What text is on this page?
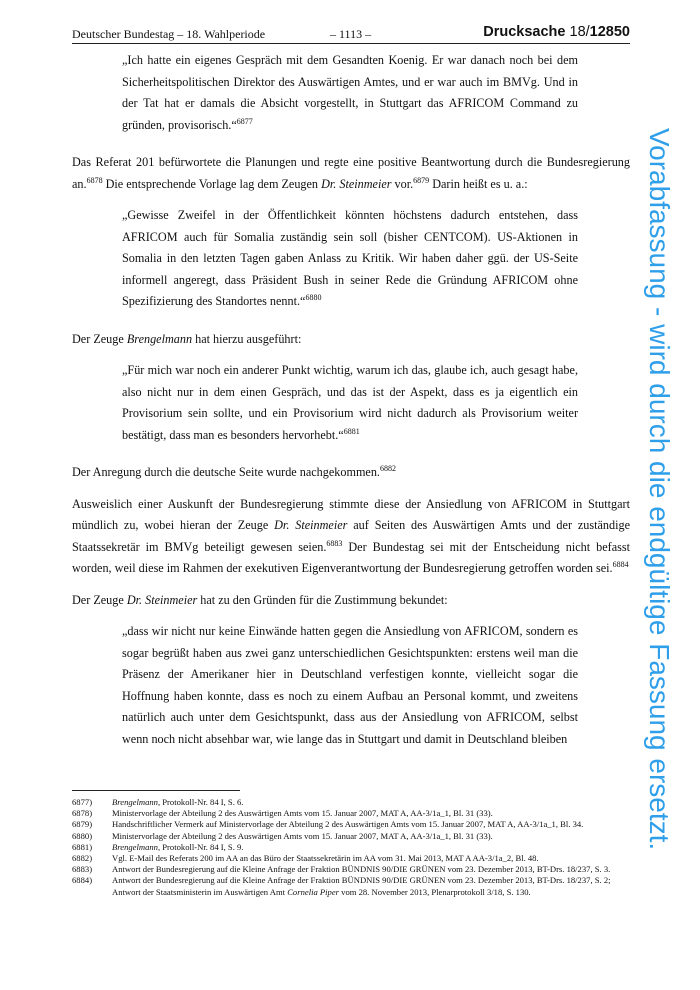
Deutscher Bundestag – 18. Wahlperiode	– 1113 –	Drucksache 18/12850

„Ich hatte ein eigenes Gespräch mit dem Gesandten Koenig. Er war danach noch bei dem Sicherheitspolitischen Direktor des Auswärtigen Amtes, und er war auch im BMVg. Und in der Tat hat er damals die Absicht vorgestellt, in Stuttgart das AFRICOM Command zu gründen, provisorisch.“$^{6877}$

Das Referat 201 befürwortete die Planungen und regte eine positive Beantwortung durch die Bundesregierung an.$^{6878}$ Die entsprechende Vorlage lag dem Zeugen Dr. Steinmeier vor.$^{6879}$ Darin heißt es u. a.:

„Gewisse Zweifel in der Öffentlichkeit könnten höchstens dadurch entstehen, dass AFRICOM auch für Somalia zuständig sein soll (bisher CENTCOM). US-Aktionen in Somalia in den letzten Tagen gaben Anlass zu Kritik. Wir haben daher ggü. der US-Seite informell angeregt, dass Präsident Bush in seiner Rede die Gründung AFRICOM ohne Spezifizierung des Standortes nennt.“$^{6880}$

Der Zeuge Brengelmann hat hierzu ausgeführt:

„Für mich war noch ein anderer Punkt wichtig, warum ich das, glaube ich, auch gesagt habe, also nicht nur in dem einen Gespräch, und das ist der Aspekt, dass es ja eigentlich ein Provisorium sein sollte, und ein Provisorium wird nicht dadurch als Provisorium weiter bestätigt, dass man es besonders hervorhebt.“$^{6881}$

Der Anregung durch die deutsche Seite wurde nachgekommen.$^{6882}$

Ausweislich einer Auskunft der Bundesregierung stimmte diese der Ansiedlung von AFRICOM in Stuttgart mündlich zu, wobei hieran der Zeuge Dr. Steinmeier auf Seiten des Auswärtigen Amts und der zuständige Staatssekretär im BMVg beteiligt gewesen seien.$^{6883}$ Der Bundestag sei mit der Entscheidung nicht befasst worden, weil diese im Rahmen der exekutiven Eigenverantwortung der Bundesregierung getroffen worden sei.$^{6884}$

Der Zeuge Dr. Steinmeier hat zu den Gründen für die Zustimmung bekundet:

„dass wir nicht nur keine Einwände hatten gegen die Ansiedlung von AFRICOM, sondern es sogar begrüßt haben aus zwei ganz unterschiedlichen Gesichtspunkten: erstens weil man die Präsenz der Amerikaner hier in Deutschland verfestigen konnte, vielleicht sogar die Hoffnung haben konnte, dass es noch zu einem Aufbau an Personal kommt, und zweitens natürlich auch unter dem Gesichtspunkt, dass aus der Ansiedlung von AFRICOM, selbst wenn noch nicht absehbar war, wie lange das in Stuttgart und damit in Deutschland bleiben	Vorabfassung - wird durch die endgültige Fassung ersetzt.
6877)	Brengelmann, Protokoll-Nr. 84 I, S. 6.
6878)	Ministervorlage der Abteilung 2 des Auswärtigen Amts vom 15. Januar 2007, MAT A, AA-3/1a_1, Bl. 31 (33).
6879)	Handschriftlicher Vermerk auf Ministervorlage der Abteilung 2 des Auswärtigen Amts vom 15. Januar 2007, MAT A, AA-3/1a_1, Bl. 34.
6880)	Ministervorlage der Abteilung 2 des Auswärtigen Amts vom 15. Januar 2007, MAT A, AA-3/1a_1, Bl. 31 (33).
6881)	Brengelmann, Protokoll-Nr. 84 I, S. 9.
6882)	Vgl. E-Mail des Referats 200 im AA an das Büro der Staatssekretärin im AA vom 31. Mai 2013, MAT A AA-3/1a_2, Bl. 48.
6883)	Antwort der Bundesregierung auf die Kleine Anfrage der Fraktion BÜNDNIS 90/DIE GRÜNEN vom 23. Dezember 2013, BT-Drs. 18/237, S. 3.
6884)	Antwort der Bundesregierung auf die Kleine Anfrage der Fraktion BÜNDNIS 90/DIE GRÜNEN vom 23. Dezember 2013, BT-Drs. 18/237, S. 2; Antwort der Staatsministerin im Auswärtigen Amt Cornelia Piper vom 28. November 2013, Plenarprotokoll 3/18, S. 130.
